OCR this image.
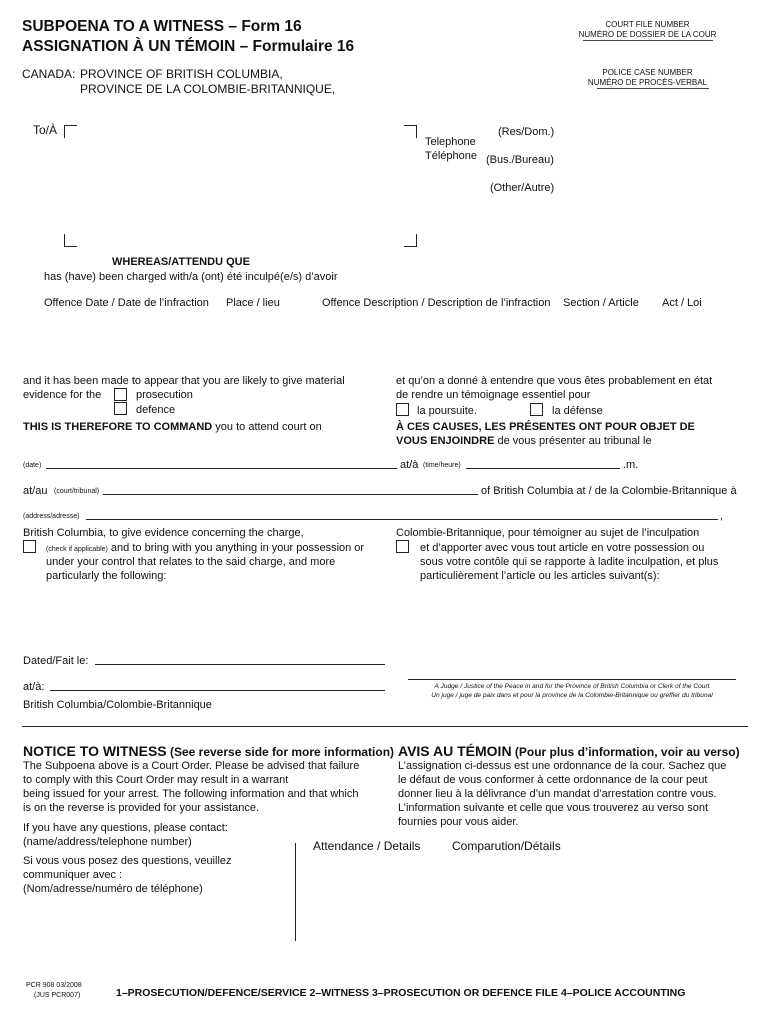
SUBPOENA TO A WITNESS – Form 16
ASSIGNATION À UN TÉMOIN – Formulaire 16
CANADA: PROVINCE OF BRITISH COLUMBIA,
PROVINCE DE LA COLOMBIE-BRITANNIQUE,
COURT FILE NUMBER
NUMÉRO DE DOSSIER DE LA COUR
POLICE CASE NUMBER
NUMÉRO DE PROCÈS-VERBAL
To/À
Telephone
Téléphone
(Res/Dom.)
(Bus./Bureau)
(Other/Autre)
WHEREAS/ATTENDU QUE
has (have) been charged with/a (ont) été inculpé(e/s) d’avoir
Offence Date / Date de l’infraction Place / lieu	Offence Description / Description de l’infraction Section / Article Act / Loi
and it has been made to appear that you are likely to give material
evidence for the	prosecution
defence
THIS IS THEREFORE TO COMMAND you to attend court on
et qu’on a donné à entendre que vous êtes probablement en état
de rendre un témoignage essentiel pour
la poursuite.	la défense
À CES CAUSES, LES PRÉSENTES ONT POUR OBJET DE
VOUS ENJOINDRE de vous présenter au tribunal le
(date)	at/à (time/heure)	.m.
at/au (court/tribunal)	of British Columbia at / de la Colombie-Britannique à
(address/adresse)	,
British Columbia, to give evidence concerning the charge,
(check if applicable) and to bring with you anything in your possession or
under your control that relates to the said charge, and more
particularly the following:
Colombie-Britannique, pour témoigner au sujet de l’inculpation
et d’apporter avec vous tout article en votre possession ou
sous votre contôle qui se rapporte à ladite inculpation, et plus
particulièrement l’article ou les articles suivant(s):
Dated/Fait le:
at/à:
British Columbia/Colombie-Britannique
A Judge / Justice of the Peace in and for the Province of British Columbia or Clerk of the Court
Un juge / juge de paix dans et pour la province de la Colombie-Britannique ou greffier du tribunal
NOTICE TO WITNESS (See reverse side for more information)
The Subpoena above is a Court Order. Please be advised that failure
to comply with this Court Order may result in a warrant
being issued for your arrest. The following information and that which
is on the reverse is provided for your assistance.
If you have any questions, please contact:
(name/address/telephone number)
Si vous vous posez des questions, veuillez
communiquer avec :
(Nom/adresse/numéro de téléphone)
AVIS AU TÉMOIN (Pour plus d’information, voir au verso)
L’assignation ci-dessus est une ordonnance de la cour. Sachez que
le défaut de vous conformer à cette ordonnance de la cour peut
donner lieu à la délivrance d’un mandat d’arrestation contre vous.
L’information suivante et celle que vous trouverez au verso sont
fournies pour vous aider.
Attendance / Details	Comparution/Détails
PCR 908 03/2008
(JUS PCR007)	1–PROSECUTION/DEFENCE/SERVICE 2–WITNESS 3–PROSECUTION OR DEFENCE FILE 4–POLICE ACCOUNTING
